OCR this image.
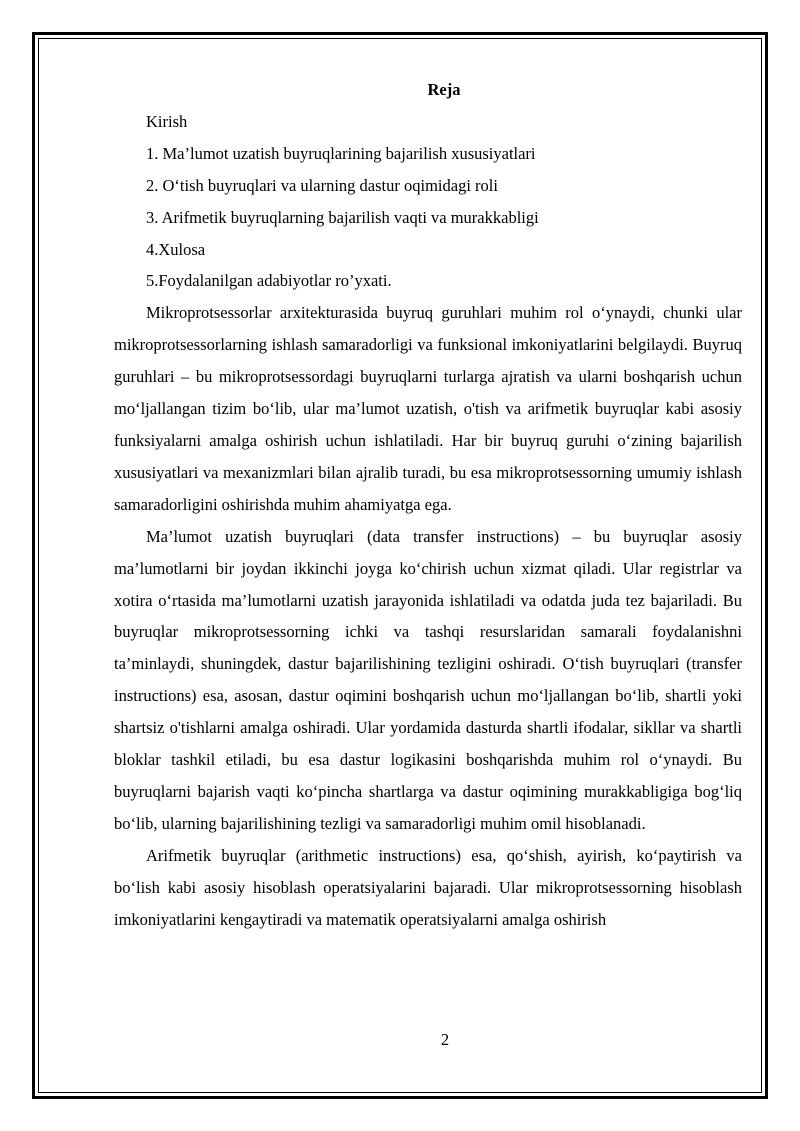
Reja

Kirish

1. Ma’lumot uzatish buyruqlarining bajarilish xususiyatlari

2. O‘tish buyruqlari va ularning dastur oqimidagi roli

3. Arifmetik buyruqlarning bajarilish vaqti va murakkabligi

4.Xulosa

5.Foydalanilgan adabiyotlar ro’yxati.

Mikroprotsessorlar arxitekturasida buyruq guruhlari muhim rol o‘ynaydi, chunki ular mikroprotsessorlarning ishlash samaradorligi va funksional imkoniyatlarini belgilaydi. Buyruq guruhlari – bu mikroprotsessordagi buyruqlarni turlarga ajratish va ularni boshqarish uchun mo‘ljallangan tizim bo‘lib, ular ma’lumot uzatish, o'tish va arifmetik buyruqlar kabi asosiy funksiyalarni amalga oshirish uchun ishlatiladi. Har bir buyruq guruhi o‘zining bajarilish xususiyatlari va mexanizmlari bilan ajralib turadi, bu esa mikroprotsessorning umumiy ishlash samaradorligini oshirishda muhim ahamiyatga ega.

Ma’lumot uzatish buyruqlari (data transfer instructions) – bu buyruqlar asosiy ma’lumotlarni bir joydan ikkinchi joyga ko‘chirish uchun xizmat qiladi. Ular registrlar va xotira o‘rtasida ma’lumotlarni uzatish jarayonida ishlatiladi va odatda juda tez bajariladi. Bu buyruqlar mikroprotsessorning ichki va tashqi resurslaridan samarali foydalanishni ta’minlaydi, shuningdek, dastur bajarilishining tezligini oshiradi. O‘tish buyruqlari (transfer instructions) esa, asosan, dastur oqimini boshqarish uchun mo‘ljallangan bo‘lib, shartli yoki shartsiz o'tishlarni amalga oshiradi. Ular yordamida dasturda shartli ifodalar, sikllar va shartli bloklar tashkil etiladi, bu esa dastur logikasini boshqarishda muhim rol o‘ynaydi. Bu buyruqlarni bajarish vaqti ko‘pincha shartlarga va dastur oqimining murakkabligiga bog‘liq bo‘lib, ularning bajarilishining tezligi va samaradorligi muhim omil hisoblanadi.

Arifmetik buyruqlar (arithmetic instructions) esa, qo‘shish, ayirish, ko‘paytirish va bo‘lish kabi asosiy hisoblash operatsiyalarini bajaradi. Ular mikroprotsessorning hisoblash imkoniyatlarini kengaytiradi va matematik operatsiyalarni amalga oshirish

2
